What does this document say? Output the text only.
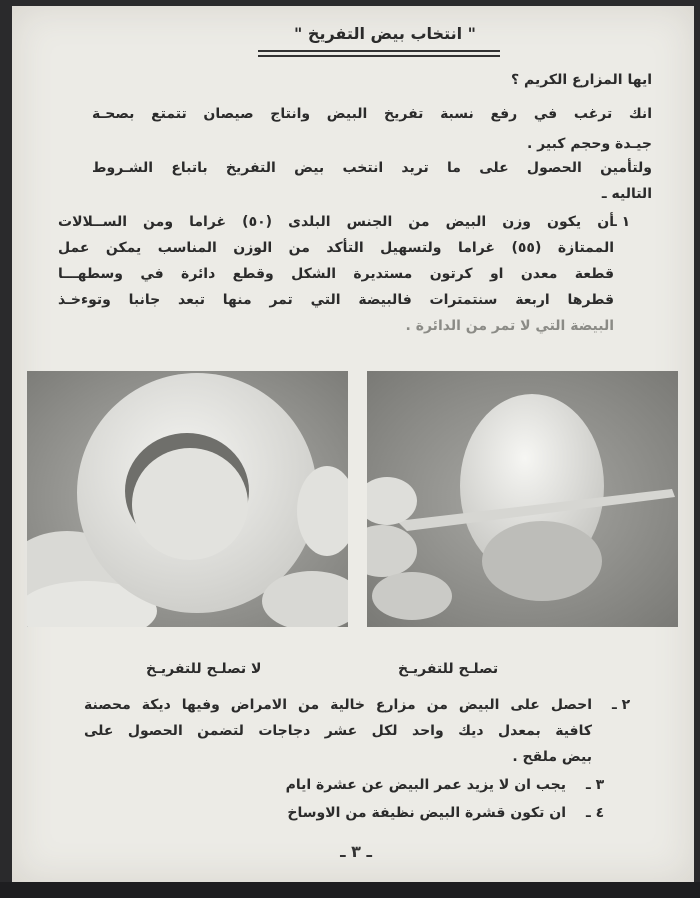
" انتخاب بيض التفريخ "
ايها المزارع الكريم ؟
انك ترغب في رفع نسبة تفريخ البيض وانتاج صيصان تتمتع بصحـة
جيـدة وحجم كبير .
ولتأمين الحصول على ما تريد انتخب بيض التفريخ باتباع الشـروط
التاليه ـ
١ ـ
أن يكون وزن البيض من الجنس البلدى (٥٠) غراما ومن الســلالات
الممتازة (٥٥) غراما ولتسهيل التأكد من الوزن المناسب يمكن عمل
قطعة معدن او كرتون مستديرة الشكل وقطع دائرة في وسطهـــا
قطرها اربعة سنتمترات فالبيضة التي تمر منها تبعد جانبا وتوءخـذ
البيضة التي لا تمر من الدائرة .
لا تصلـح للتفريـخ	تصلـح للتفريـخ
٢ ـ
احصل على البيض من مزارع خالية من الامراض وفيها ديكة محصنة
كافية بمعدل ديك واحد لكل عشر دجاجات لتضمن الحصول على
بيض ملقح .
٣ ـ
يجب ان لا يزيد عمر البيض عن عشرة ايام
٤ ـ
ان تكون قشرة البيض نظيفة من الاوساخ
ـ ٣ ـ
